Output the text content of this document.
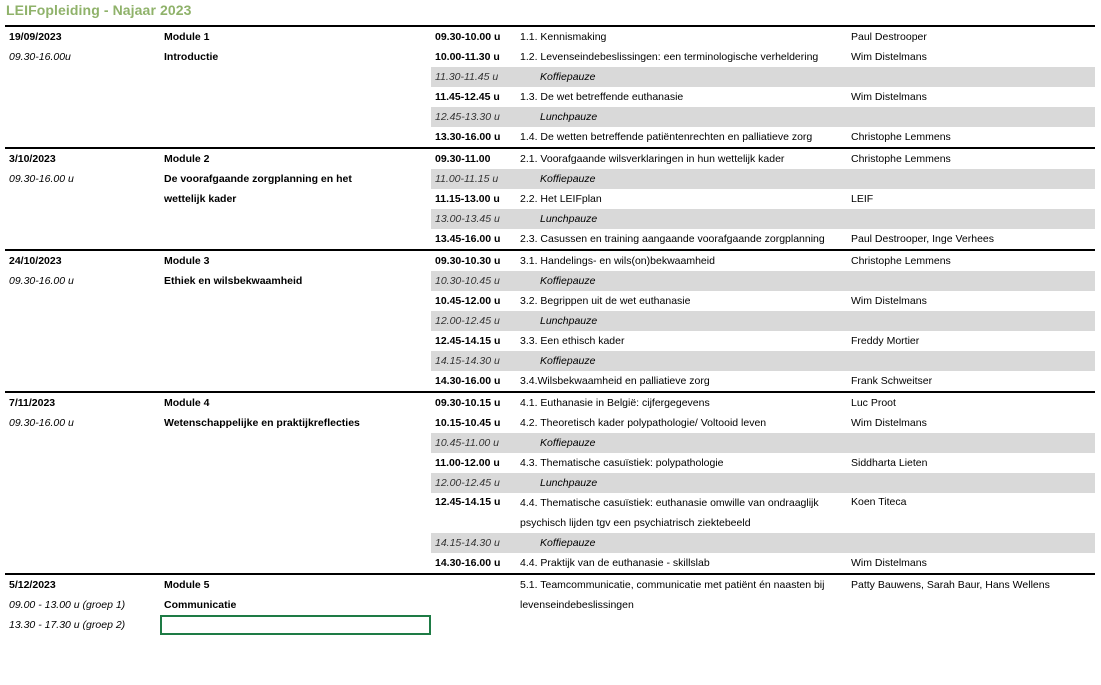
LEIFopleiding - Najaar 2023
19/09/2023	Module 1	09.30-10.00 u	1.1. Kennismaking	Paul Destrooper
09.30-16.00u	Introductie	10.00-11.30 u	1.2. Levenseindebeslissingen: een terminologische verheldering	Wim Distelmans
		11.30-11.45 u	Koffiepauze	
		11.45-12.45 u	1.3. De wet betreffende euthanasie	Wim Distelmans
		12.45-13.30 u	Lunchpauze	
		13.30-16.00 u	1.4. De wetten betreffende patiëntenrechten en palliatieve zorg	Christophe Lemmens
3/10/2023	Module 2	09.30-11.00	2.1. Voorafgaande wilsverklaringen in hun wettelijk kader	Christophe Lemmens
09.30-16.00 u	De voorafgaande zorgplanning en het	11.00-11.15 u	Koffiepauze	
	wettelijk kader	11.15-13.00 u	2.2. Het LEIFplan	LEIF
		13.00-13.45 u	Lunchpauze	
		13.45-16.00 u	2.3. Casussen en training aangaande voorafgaande zorgplanning	Paul Destrooper, Inge Verhees
24/10/2023	Module 3	09.30-10.30 u	3.1. Handelings- en wils(on)bekwaamheid	Christophe Lemmens
09.30-16.00 u	Ethiek en wilsbekwaamheid	10.30-10.45 u	Koffiepauze	
		10.45-12.00 u	3.2. Begrippen uit de wet euthanasie	Wim Distelmans
		12.00-12.45 u	Lunchpauze	
		12.45-14.15 u	3.3. Een ethisch kader	Freddy Mortier
		14.15-14.30 u	Koffiepauze	
		14.30-16.00 u	3.4.Wilsbekwaamheid en palliatieve zorg	Frank Schweitser
7/11/2023	Module 4	09.30-10.15 u	4.1. Euthanasie in België: cijfergegevens	Luc Proot
09.30-16.00 u	Wetenschappelijke en praktijkreflecties	10.15-10.45 u	4.2. Theoretisch kader polypathologie/ Voltooid leven	Wim Distelmans
		10.45-11.00 u	Koffiepauze	
		11.00-12.00 u	4.3. Thematische casuïstiek: polypathologie	Siddharta Lieten
		12.00-12.45 u	Lunchpauze	
		12.45-14.15 u	4.4. Thematische casuïstiek: euthanasie omwille van ondraaglijk	Koen Titeca
			psychisch lijden tgv een psychiatrisch ziektebeeld	
		14.15-14.30 u	Koffiepauze	
		14.30-16.00 u	4.4. Praktijk van de euthanasie - skillslab	Wim Distelmans
5/12/2023	Module 5		5.1. Teamcommunicatie, communicatie met patiënt én naasten bij	Patty Bauwens, Sarah Baur, Hans Wellens
09.00 - 13.00 u (groep 1)	Communicatie		levenseindebeslissingen	
13.30 - 17.30 u (groep 2)				
